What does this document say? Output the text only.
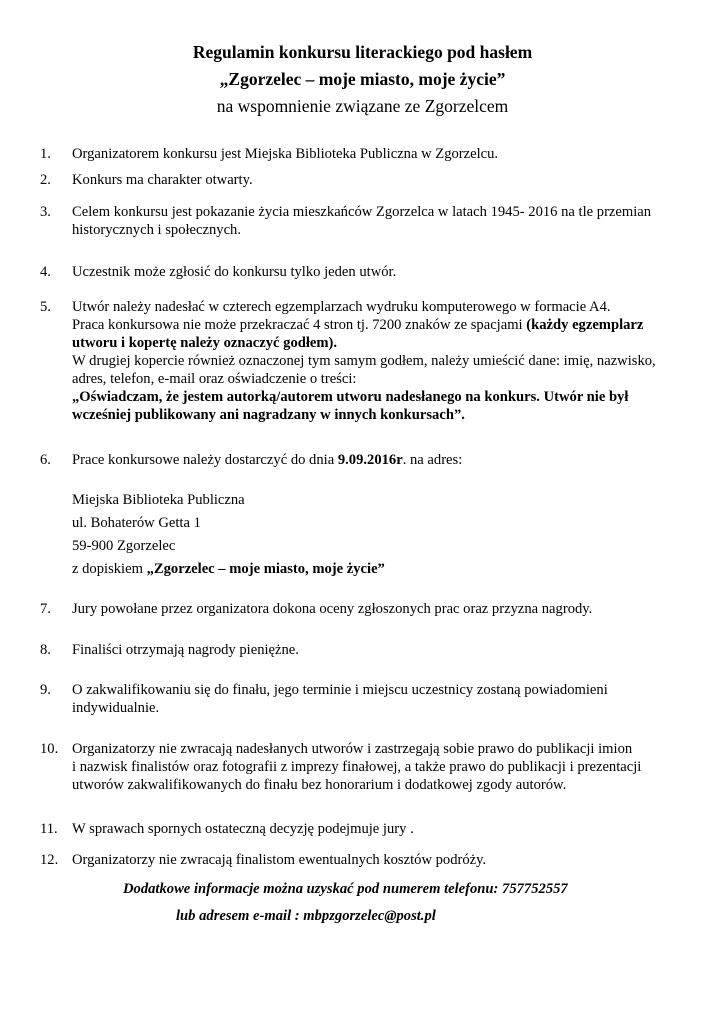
Regulamin konkursu literackiego pod hasłem
„Zgorzelec – moje miasto, moje życie”
na wspomnienie związane ze Zgorzelcem
1.	Organizatorem konkursu jest Miejska Biblioteka Publiczna w Zgorzelcu.
2.	Konkurs ma charakter otwarty.
3.	Celem konkursu jest pokazanie życia mieszkańców Zgorzelca w latach 1945- 2016 na tle przemian
historycznych i społecznych.
4.	Uczestnik może zgłosić do konkursu tylko jeden utwór.
5.	Utwór należy nadesłać w czterech egzemplarzach wydruku komputerowego w formacie A4.
Praca konkursowa nie może przekraczać 4 stron tj. 7200 znaków ze spacjami (każdy egzemplarz
utworu i kopertę należy oznaczyć godłem).
W drugiej kopercie również oznaczonej tym samym godłem, należy umieścić dane: imię, nazwisko,
adres, telefon, e-mail oraz oświadczenie o treści:
„Oświadczam, że jestem autorką/autorem utworu nadesłanego na konkurs. Utwór nie był
wcześniej publikowany ani nagradzany w innych konkursach”.
6.	Prace konkursowe należy dostarczyć do dnia 9.09.2016r. na adres:
Miejska Biblioteka Publiczna
ul. Bohaterów Getta 1
59-900 Zgorzelec
z dopiskiem „Zgorzelec – moje miasto, moje życie”
7.	Jury powołane przez organizatora dokona oceny zgłoszonych prac oraz przyzna nagrody.
8.	Finaliści otrzymają nagrody pieniężne.
9.	O zakwalifikowaniu się do finału, jego terminie i miejscu uczestnicy zostaną powiadomieni
indywidualnie.
10. Organizatorzy nie zwracają nadesłanych utworów i zastrzegają sobie prawo do publikacji imion
i nazwisk finalistów oraz fotografii z imprezy finałowej, a także prawo do publikacji i prezentacji
utworów zakwalifikowanych do finału bez honorarium i dodatkowej zgody autorów.
11. W sprawach spornych ostateczną decyzję podejmuje jury .
12. Organizatorzy nie zwracają finalistom ewentualnych kosztów podróży.
Dodatkowe informacje można uzyskać pod numerem telefonu: 757752557
lub adresem e-mail : mbpzgorzelec@post.pl
